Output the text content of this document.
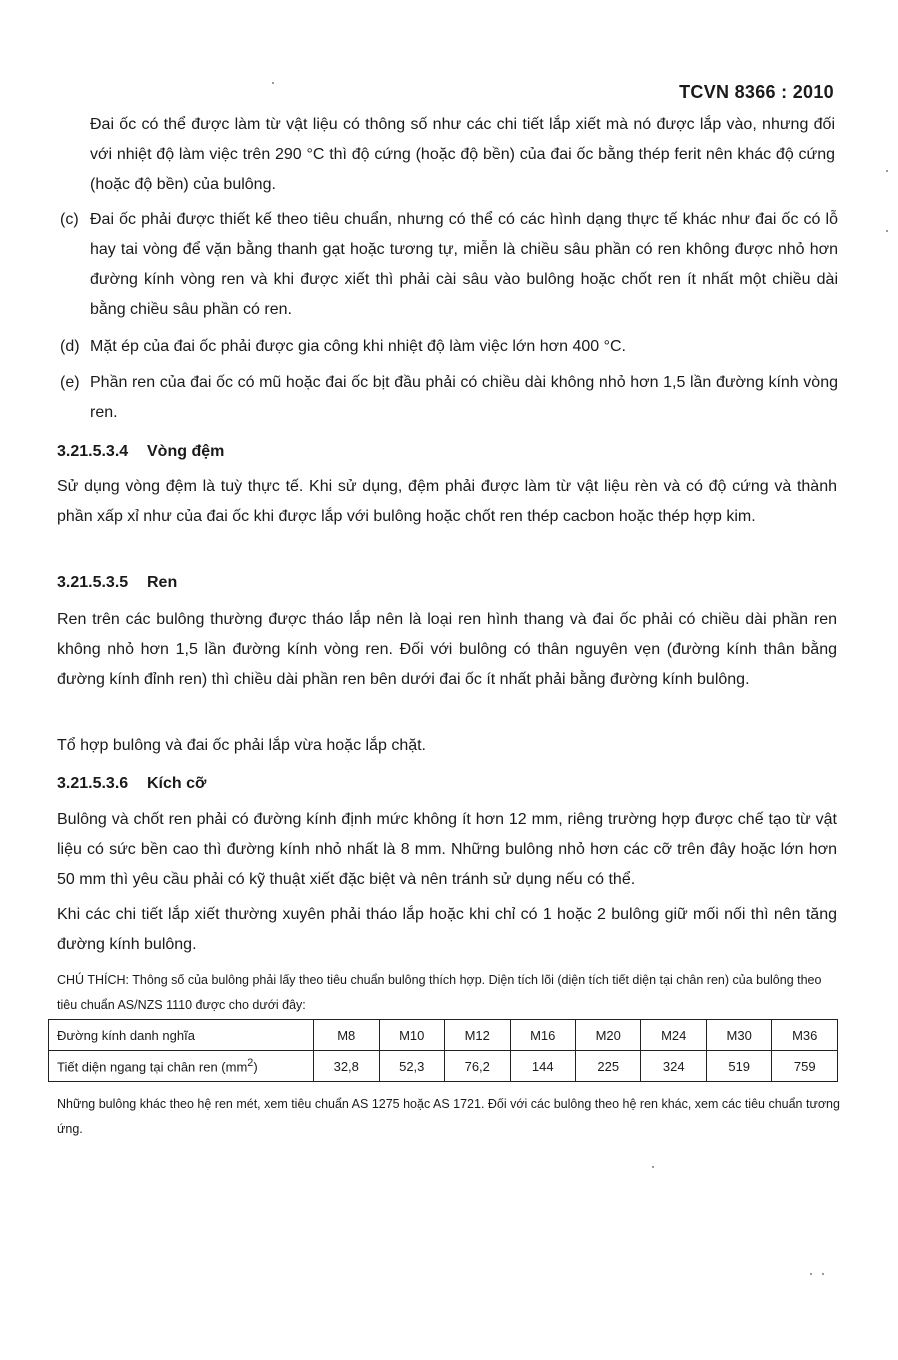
TCVN 8366 : 2010
Đai ốc có thể được làm từ vật liệu có thông số như các chi tiết lắp xiết mà nó được lắp vào, nhưng đối với nhiệt độ làm việc trên 290 °C thì độ cứng (hoặc độ bền) của đai ốc bằng thép ferit nên khác độ cứng (hoặc độ bền) của bulông.
(c) Đai ốc phải được thiết kế theo tiêu chuẩn, nhưng có thể có các hình dạng thực tế khác như đai ốc có lỗ hay tai vòng để vặn bằng thanh gạt hoặc tương tự, miễn là chiều sâu phần có ren không được nhỏ hơn đường kính vòng ren và khi được xiết thì phải cài sâu vào bulông hoặc chốt ren ít nhất một chiều dài bằng chiều sâu phần có ren.
(d) Mặt ép của đai ốc phải được gia công khi nhiệt độ làm việc lớn hơn 400 °C.
(e) Phần ren của đai ốc có mũ hoặc đai ốc bịt đầu phải có chiều dài không nhỏ hơn 1,5 lần đường kính vòng ren.
3.21.5.3.4 Vòng đệm
Sử dụng vòng đệm là tuỳ thực tế. Khi sử dụng, đệm phải được làm từ vật liệu rèn và có độ cứng và thành phần xấp xỉ như của đai ốc khi được lắp với bulông hoặc chốt ren thép cacbon hoặc thép hợp kim.
3.21.5.3.5 Ren
Ren trên các bulông thường được tháo lắp nên là loại ren hình thang và đai ốc phải có chiều dài phần ren không nhỏ hơn 1,5 lần đường kính vòng ren. Đối với bulông có thân nguyên vẹn (đường kính thân bằng đường kính đỉnh ren) thì chiều dài phần ren bên dưới đai ốc ít nhất phải bằng đường kính bulông.
Tổ hợp bulông và đai ốc phải lắp vừa hoặc lắp chặt.
3.21.5.3.6 Kích cỡ
Bulông và chốt ren phải có đường kính định mức không ít hơn 12 mm, riêng trường hợp được chế tạo từ vật liệu có sức bền cao thì đường kính nhỏ nhất là 8 mm. Những bulông nhỏ hơn các cỡ trên đây hoặc lớn hơn 50 mm thì yêu cầu phải có kỹ thuật xiết đặc biệt và nên tránh sử dụng nếu có thể.
Khi các chi tiết lắp xiết thường xuyên phải tháo lắp hoặc khi chỉ có 1 hoặc 2 bulông giữ mối nối thì nên tăng đường kính bulông.
CHÚ THÍCH: Thông số của bulông phải lấy theo tiêu chuẩn bulông thích hợp. Diện tích lõi (diện tích tiết diện tại chân ren) của bulông theo tiêu chuẩn AS/NZS 1110 được cho dưới đây:
Đường kính danh nghĩa	M8	M10	M12	M16	M20	M24	M30	M36
Tiết diện ngang tại chân ren $(mm^2)$	32,8	52,3	76,2	144	225	324	519	759
Những bulông khác theo hệ ren mét, xem tiêu chuẩn AS 1275 hoặc AS 1721. Đối với các bulông theo hệ ren khác, xem các tiêu chuẩn tương ứng.
